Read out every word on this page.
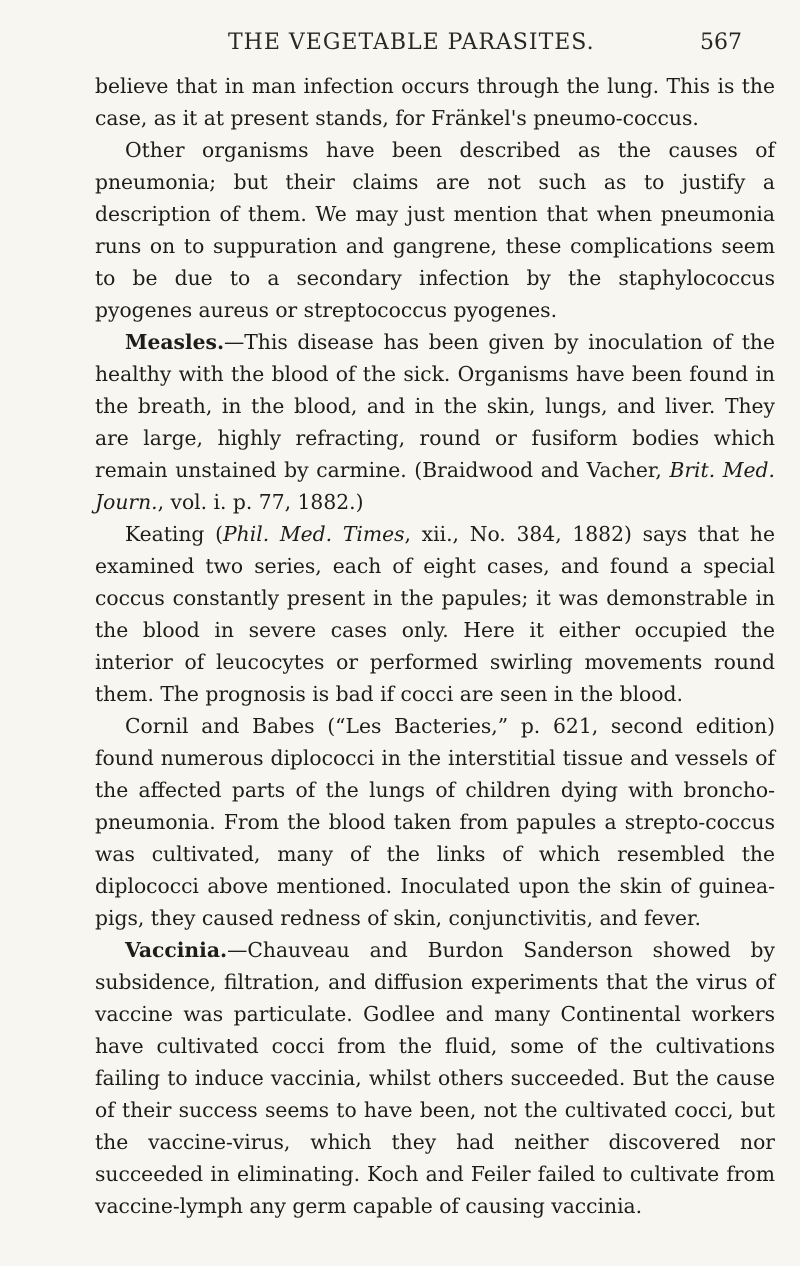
THE VEGETABLE PARASITES.	567

believe that in man infection occurs through the lung. This is the case, as it at present stands, for Fränkel's pneumo-coccus.

Other organisms have been described as the causes of pneumonia; but their claims are not such as to justify a description of them. We may just mention that when pneumonia runs on to suppuration and gangrene, these complications seem to be due to a secondary infection by the staphylococcus pyogenes aureus or streptococcus pyogenes.

Measles.—This disease has been given by inoculation of the healthy with the blood of the sick. Organisms have been found in the breath, in the blood, and in the skin, lungs, and liver. They are large, highly refracting, round or fusiform bodies which remain unstained by carmine. (Braidwood and Vacher, Brit. Med. Journ., vol. i. p. 77, 1882.)

Keating (Phil. Med. Times, xii., No. 384, 1882) says that he examined two series, each of eight cases, and found a special coccus constantly present in the papules; it was demonstrable in the blood in severe cases only. Here it either occupied the interior of leucocytes or performed swirling movements round them. The prognosis is bad if cocci are seen in the blood.

Cornil and Babes (“Les Bacteries,” p. 621, second edition) found numerous diplococci in the interstitial tissue and vessels of the affected parts of the lungs of children dying with broncho-pneumonia. From the blood taken from papules a strepto-coccus was cultivated, many of the links of which resembled the diplococci above mentioned. Inoculated upon the skin of guinea-pigs, they caused redness of skin, conjunctivitis, and fever.

Vaccinia.—Chauveau and Burdon Sanderson showed by subsidence, filtration, and diffusion experiments that the virus of vaccine was particulate. Godlee and many Continental workers have cultivated cocci from the fluid, some of the cultivations failing to induce vaccinia, whilst others succeeded. But the cause of their success seems to have been, not the cultivated cocci, but the vaccine-virus, which they had neither discovered nor succeeded in eliminating. Koch and Feiler failed to cultivate from vaccine-lymph any germ capable of causing vaccinia.
